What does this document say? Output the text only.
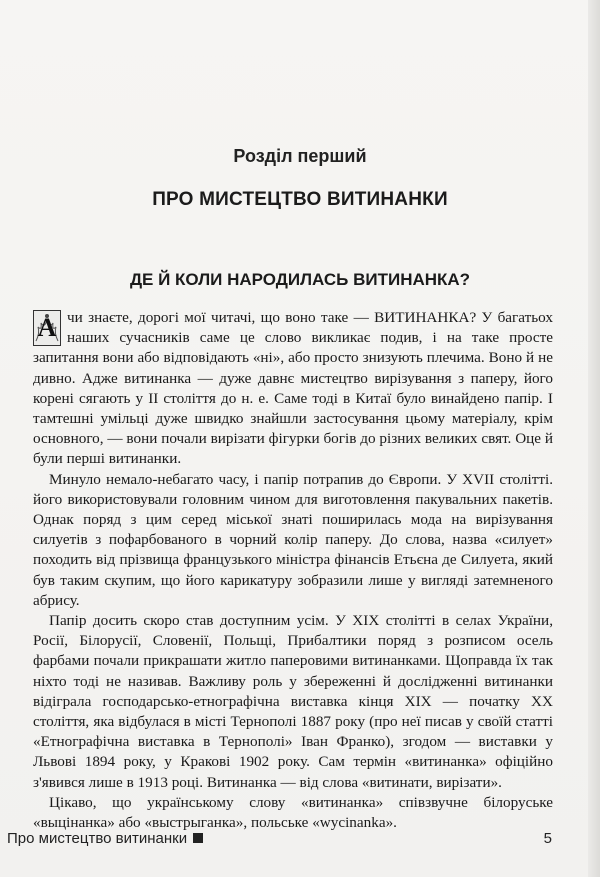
Розділ перший
ПРО МИСТЕЦТВО ВИТИНАНКИ
ДЕ Й КОЛИ НАРОДИЛАСЬ ВИТИНАНКА?

А чи знаєте, дорогі мої читачі, що воно таке — ВИТИНАНКА? У багатьох наших сучасників саме це слово викликає подив, і на таке просте запитання вони або відповідають «ні», або просто знизують плечима. Воно й не дивно. Адже витинанка — дуже давнє мистецтво вирізування з паперу, його корені сягають у II століття до н. е. Саме тоді в Китаї було винайдено папір. І тамтешні умільці дуже швидко знайшли застосування цьому матеріалу, крім основного, — вони почали вирізати фігурки богів до різних великих свят. Оце й були перші витинанки.

Минуло немало-небагато часу, і папір потрапив до Європи. У XVII столітті. його використовували головним чином для виготовлення пакувальних пакетів. Однак поряд з цим серед міської знаті поширилась мода на вирізування силуетів з пофарбованого в чорний колір паперу. До слова, назва «силует» походить від прізвища французького міністра фінансів Етьєна де Силуета, який був таким скупим, що його карикатуру зобразили лише у вигляді затемненого абрису.

Папір досить скоро став доступним усім. У XIX столітті в селах України, Росії, Білорусії, Словенії, Польщі, Прибалтики поряд з розписом осель фарбами почали прикрашати житло паперовими витинанками. Щоправда їх так ніхто тоді не називав. Важливу роль у збереженні й дослідженні витинанки відіграла господарсько-етнографічна виставка кінця XIX — початку XX століття, яка відбулася в місті Тернополі 1887 року (про неї писав у своїй статті «Етнографічна виставка в Тернополі» Іван Франко), згодом — виставки у Львові 1894 року, у Кракові 1902 року. Сам термін «витинанка» офіційно з'явився лише в 1913 році. Витинанка — від слова «витинати, вирізати».

Цікаво, що українському слову «витинанка» співзвучне білоруське «выцінанка» або «выстрыганка», польське «wycinanka».

Про мистецтво витинанки	5
